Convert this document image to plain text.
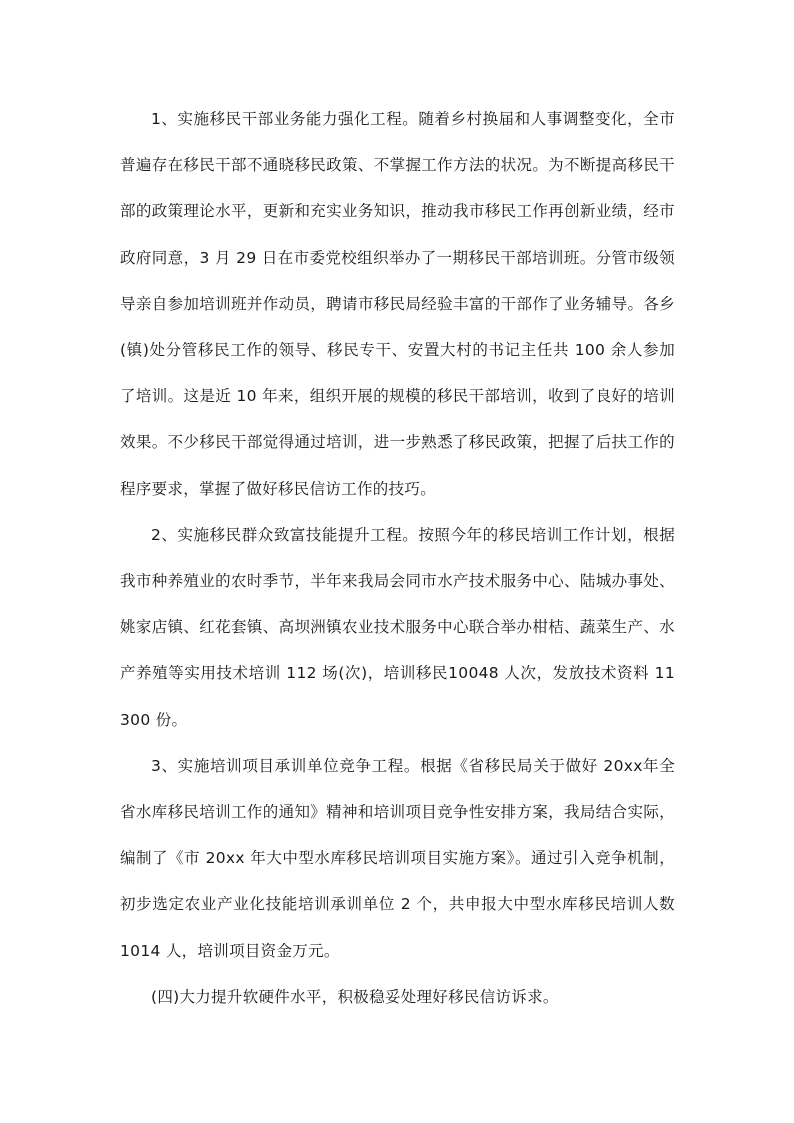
1、实施移民干部业务能力强化工程。随着乡村换届和人事调整变化，全市普遍存在移民干部不通晓移民政策、不掌握工作方法的状况。为不断提高移民干部的政策理论水平，更新和充实业务知识，推动我市移民工作再创新业绩，经市政府同意，3 月 29 日在市委党校组织举办了一期移民干部培训班。分管市级领导亲自参加培训班并作动员，聘请市移民局经验丰富的干部作了业务辅导。各乡(镇)处分管移民工作的领导、移民专干、安置大村的书记主任共 100 余人参加了培训。这是近 10 年来，组织开展的规模的移民干部培训，收到了良好的培训效果。不少移民干部觉得通过培训，进一步熟悉了移民政策，把握了后扶工作的程序要求，掌握了做好移民信访工作的技巧。

2、实施移民群众致富技能提升工程。按照今年的移民培训工作计划，根据我市种养殖业的农时季节，半年来我局会同市水产技术服务中心、陆城办事处、姚家店镇、红花套镇、高坝洲镇农业技术服务中心联合举办柑桔、蔬菜生产、水产养殖等实用技术培训 112 场(次)，培训移民10048 人次，发放技术资料 11300 份。

3、实施培训项目承训单位竞争工程。根据《省移民局关于做好 20xx年全省水库移民培训工作的通知》精神和培训项目竞争性安排方案，我局结合实际，编制了《市 20xx 年大中型水库移民培训项目实施方案》。通过引入竞争机制，初步选定农业产业化技能培训承训单位 2 个，共申报大中型水库移民培训人数 1014 人，培训项目资金万元。

(四)大力提升软硬件水平，积极稳妥处理好移民信访诉求。
